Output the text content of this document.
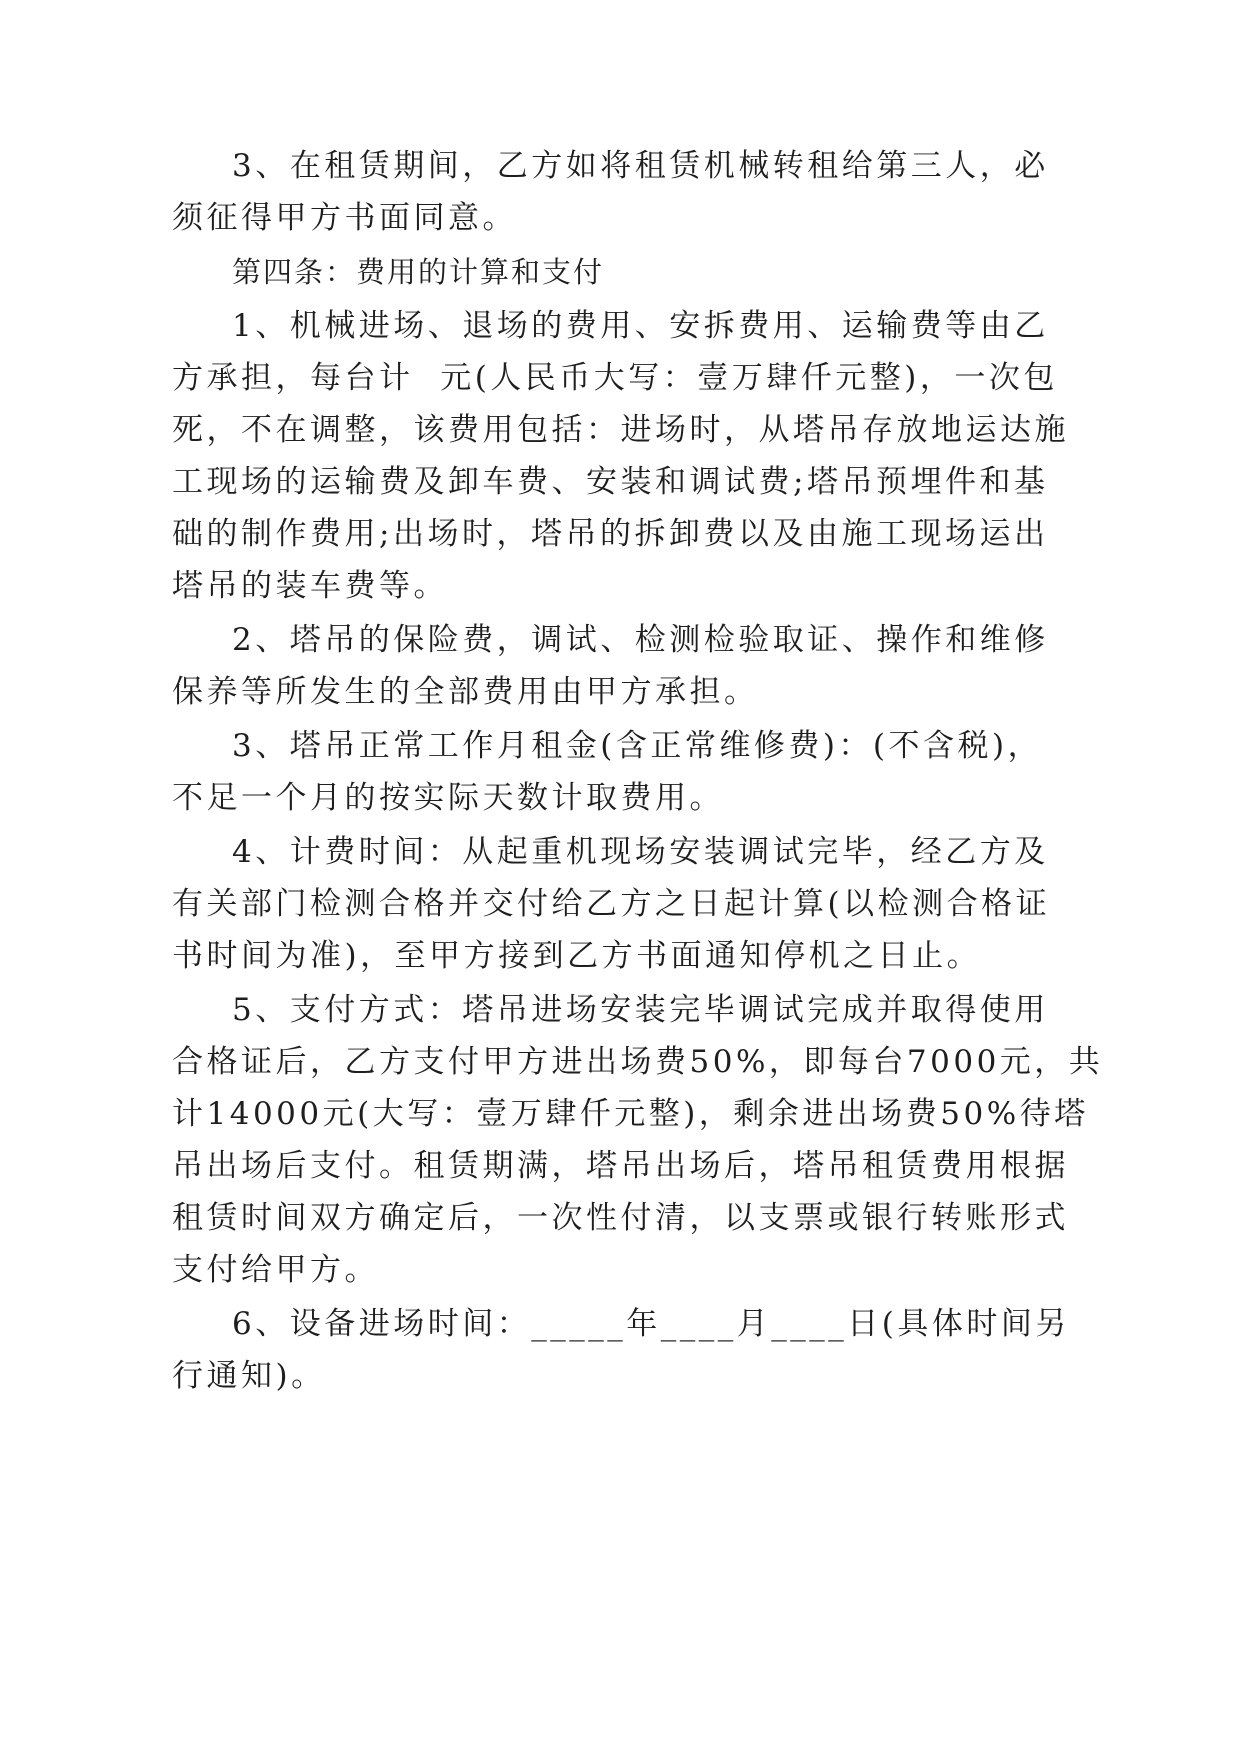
3、在租赁期间，乙方如将租赁机械转租给第三人，必
须征得甲方书面同意。
第四条：费用的计算和支付
1、机械进场、退场的费用、安拆费用、运输费等由乙
方承担，每台计  元(人民币大写：壹万肆仟元整)，一次包
死，不在调整，该费用包括：进场时，从塔吊存放地运达施
工现场的运输费及卸车费、安装和调试费;塔吊预埋件和基
础的制作费用;出场时，塔吊的拆卸费以及由施工现场运出
塔吊的装车费等。
2、塔吊的保险费，调试、检测检验取证、操作和维修
保养等所发生的全部费用由甲方承担。
3、塔吊正常工作月租金(含正常维修费)：(不含税)，
不足一个月的按实际天数计取费用。
4、计费时间：从起重机现场安装调试完毕，经乙方及
有关部门检测合格并交付给乙方之日起计算(以检测合格证
书时间为准)，至甲方接到乙方书面通知停机之日止。
5、支付方式：塔吊进场安装完毕调试完成并取得使用
合格证后，乙方支付甲方进出场费50%，即每台7000元，共
计14000元(大写：壹万肆仟元整)，剩余进出场费50%待塔
吊出场后支付。租赁期满，塔吊出场后，塔吊租赁费用根据
租赁时间双方确定后，一次性付清，以支票或银行转账形式
支付给甲方。
6、设备进场时间：_____年____月____日(具体时间另
行通知)。
